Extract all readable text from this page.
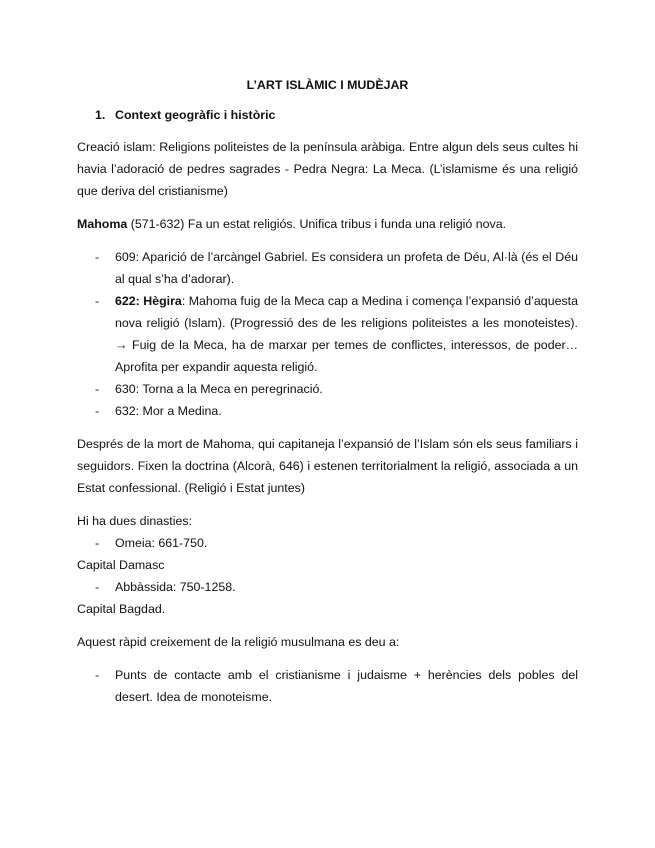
L’ART ISLÀMIC I MUDÈJAR
1. Context geogràfic i històric

Creació islam: Religions politeistes de la península aràbiga. Entre algun dels seus cultes hi havia l’adoració de pedres sagrades - Pedra Negra: La Meca. (L’islamisme és una religió que deriva del cristianisme)

Mahoma (571-632) Fa un estat religiós. Unifica tribus i funda una religió nova.

- 609: Aparició de l’arcàngel Gabriel. Es considera un profeta de Déu, Al·là (és el Déu al qual s’ha d’adorar).
- 622: Hègira: Mahoma fuig de la Meca cap a Medina i comença l’expansió d’aquesta nova religió (Islam). (Progressió des de les religions politeistes a les monoteistes). → Fuig de la Meca, ha de marxar per temes de conflictes, interessos, de poder… Aprofita per expandir aquesta religió.
- 630: Torna a la Meca en peregrinació.
- 632: Mor a Medina.

Després de la mort de Mahoma, qui capitaneja l’expansió de l’Islam són els seus familiars i seguidors. Fixen la doctrina (Alcorà, 646) i estenen territorialment la religió, associada a un Estat confessional. (Religió i Estat juntes)

Hi ha dues dinasties:

- Omeia: 661-750.

Capital Damasc

- Abbàssida: 750-1258.

Capital Bagdad.

Aquest ràpid creixement de la religió musulmana es deu a:

- Punts de contacte amb el cristianisme i judaisme + herències dels pobles del desert. Idea de monoteisme.
